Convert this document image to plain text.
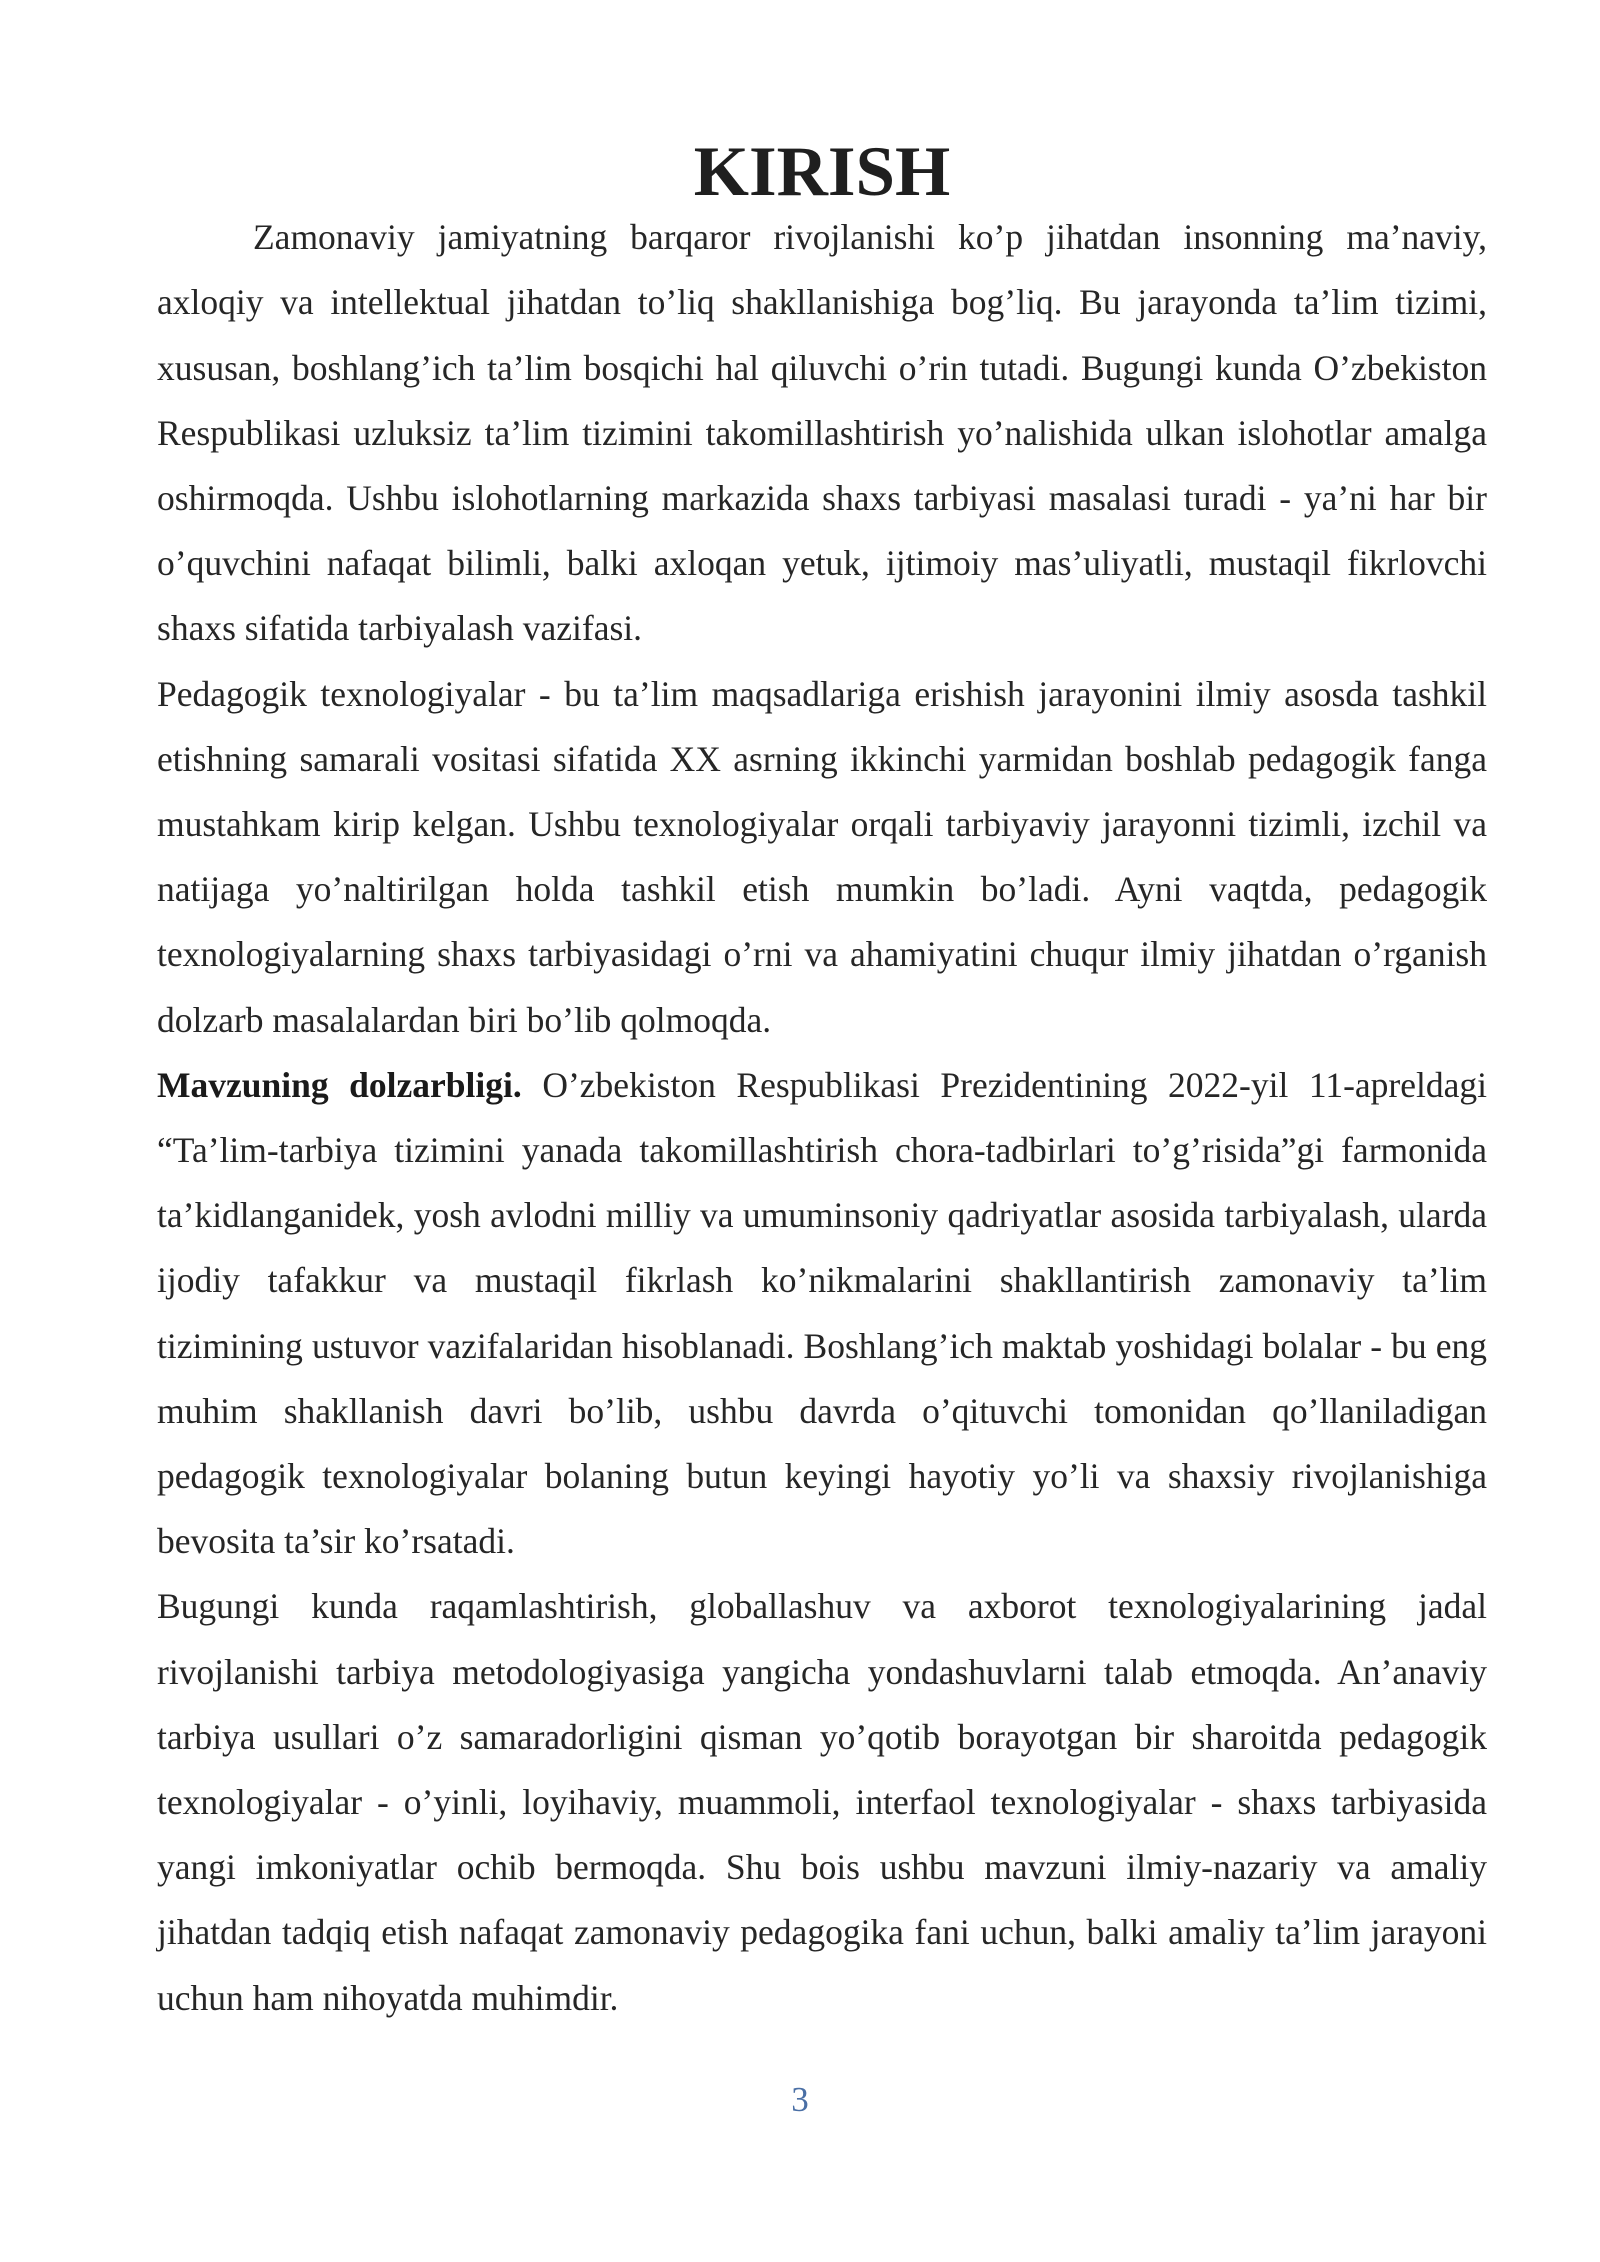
KIRISH

Zamonaviy jamiyatning barqaror rivojlanishi ko’p jihatdan insonning ma’naviy, axloqiy va intellektual jihatdan to’liq shakllanishiga bog’liq. Bu jarayonda ta’lim tizimi, xususan, boshlang’ich ta’lim bosqichi hal qiluvchi o’rin tutadi. Bugungi kunda O’zbekiston Respublikasi uzluksiz ta’lim tizimini takomillashtirish yo’nalishida ulkan islohotlar amalga oshirmoqda. Ushbu islohotlarning markazida shaxs tarbiyasi masalasi turadi - ya’ni har bir o’quvchini nafaqat bilimli, balki axloqan yetuk, ijtimoiy mas’uliyatli, mustaqil fikrlovchi shaxs sifatida tarbiyalash vazifasi.

Pedagogik texnologiyalar - bu ta’lim maqsadlariga erishish jarayonini ilmiy asosda tashkil etishning samarali vositasi sifatida XX asrning ikkinchi yarmidan boshlab pedagogik fanga mustahkam kirip kelgan. Ushbu texnologiyalar orqali tarbiyaviy jarayonni tizimli, izchil va natijaga yo’naltirilgan holda tashkil etish mumkin bo’ladi. Ayni vaqtda, pedagogik texnologiyalarning shaxs tarbiyasidagi o’rni va ahamiyatini chuqur ilmiy jihatdan o’rganish dolzarb masalalardan biri bo’lib qolmoqda.

Mavzuning dolzarbligi. O’zbekiston Respublikasi Prezidentining 2022-yil 11-apreldagi “Ta’lim-tarbiya tizimini yanada takomillashtirish chora-tadbirlari to’g’risida”gi farmonida ta’kidlanganidek, yosh avlodni milliy va umuminsoniy qadriyatlar asosida tarbiyalash, ularda ijodiy tafakkur va mustaqil fikrlash ko’nikmalarini shakllantirish zamonaviy ta’lim tizimining ustuvor vazifalaridan hisoblanadi. Boshlang’ich maktab yoshidagi bolalar - bu eng muhim shakllanish davri bo’lib, ushbu davrda o’qituvchi tomonidan qo’llaniladigan pedagogik texnologiyalar bolaning butun keyingi hayotiy yo’li va shaxsiy rivojlanishiga bevosita ta’sir ko’rsatadi.

Bugungi kunda raqamlashtirish, globallashuv va axborot texnologiyalarining jadal rivojlanishi tarbiya metodologiyasiga yangicha yondashuvlarni talab etmoqda. An’anaviy tarbiya usullari o’z samaradorligini qisman yo’qotib borayotgan bir sharoitda pedagogik texnologiyalar - o’yinli, loyihaviy, muammoli, interfaol texnologiyalar - shaxs tarbiyasida yangi imkoniyatlar ochib bermoqda. Shu bois ushbu mavzuni ilmiy-nazariy va amaliy jihatdan tadqiq etish nafaqat zamonaviy pedagogika fani uchun, balki amaliy ta’lim jarayoni uchun ham nihoyatda muhimdir.

3
